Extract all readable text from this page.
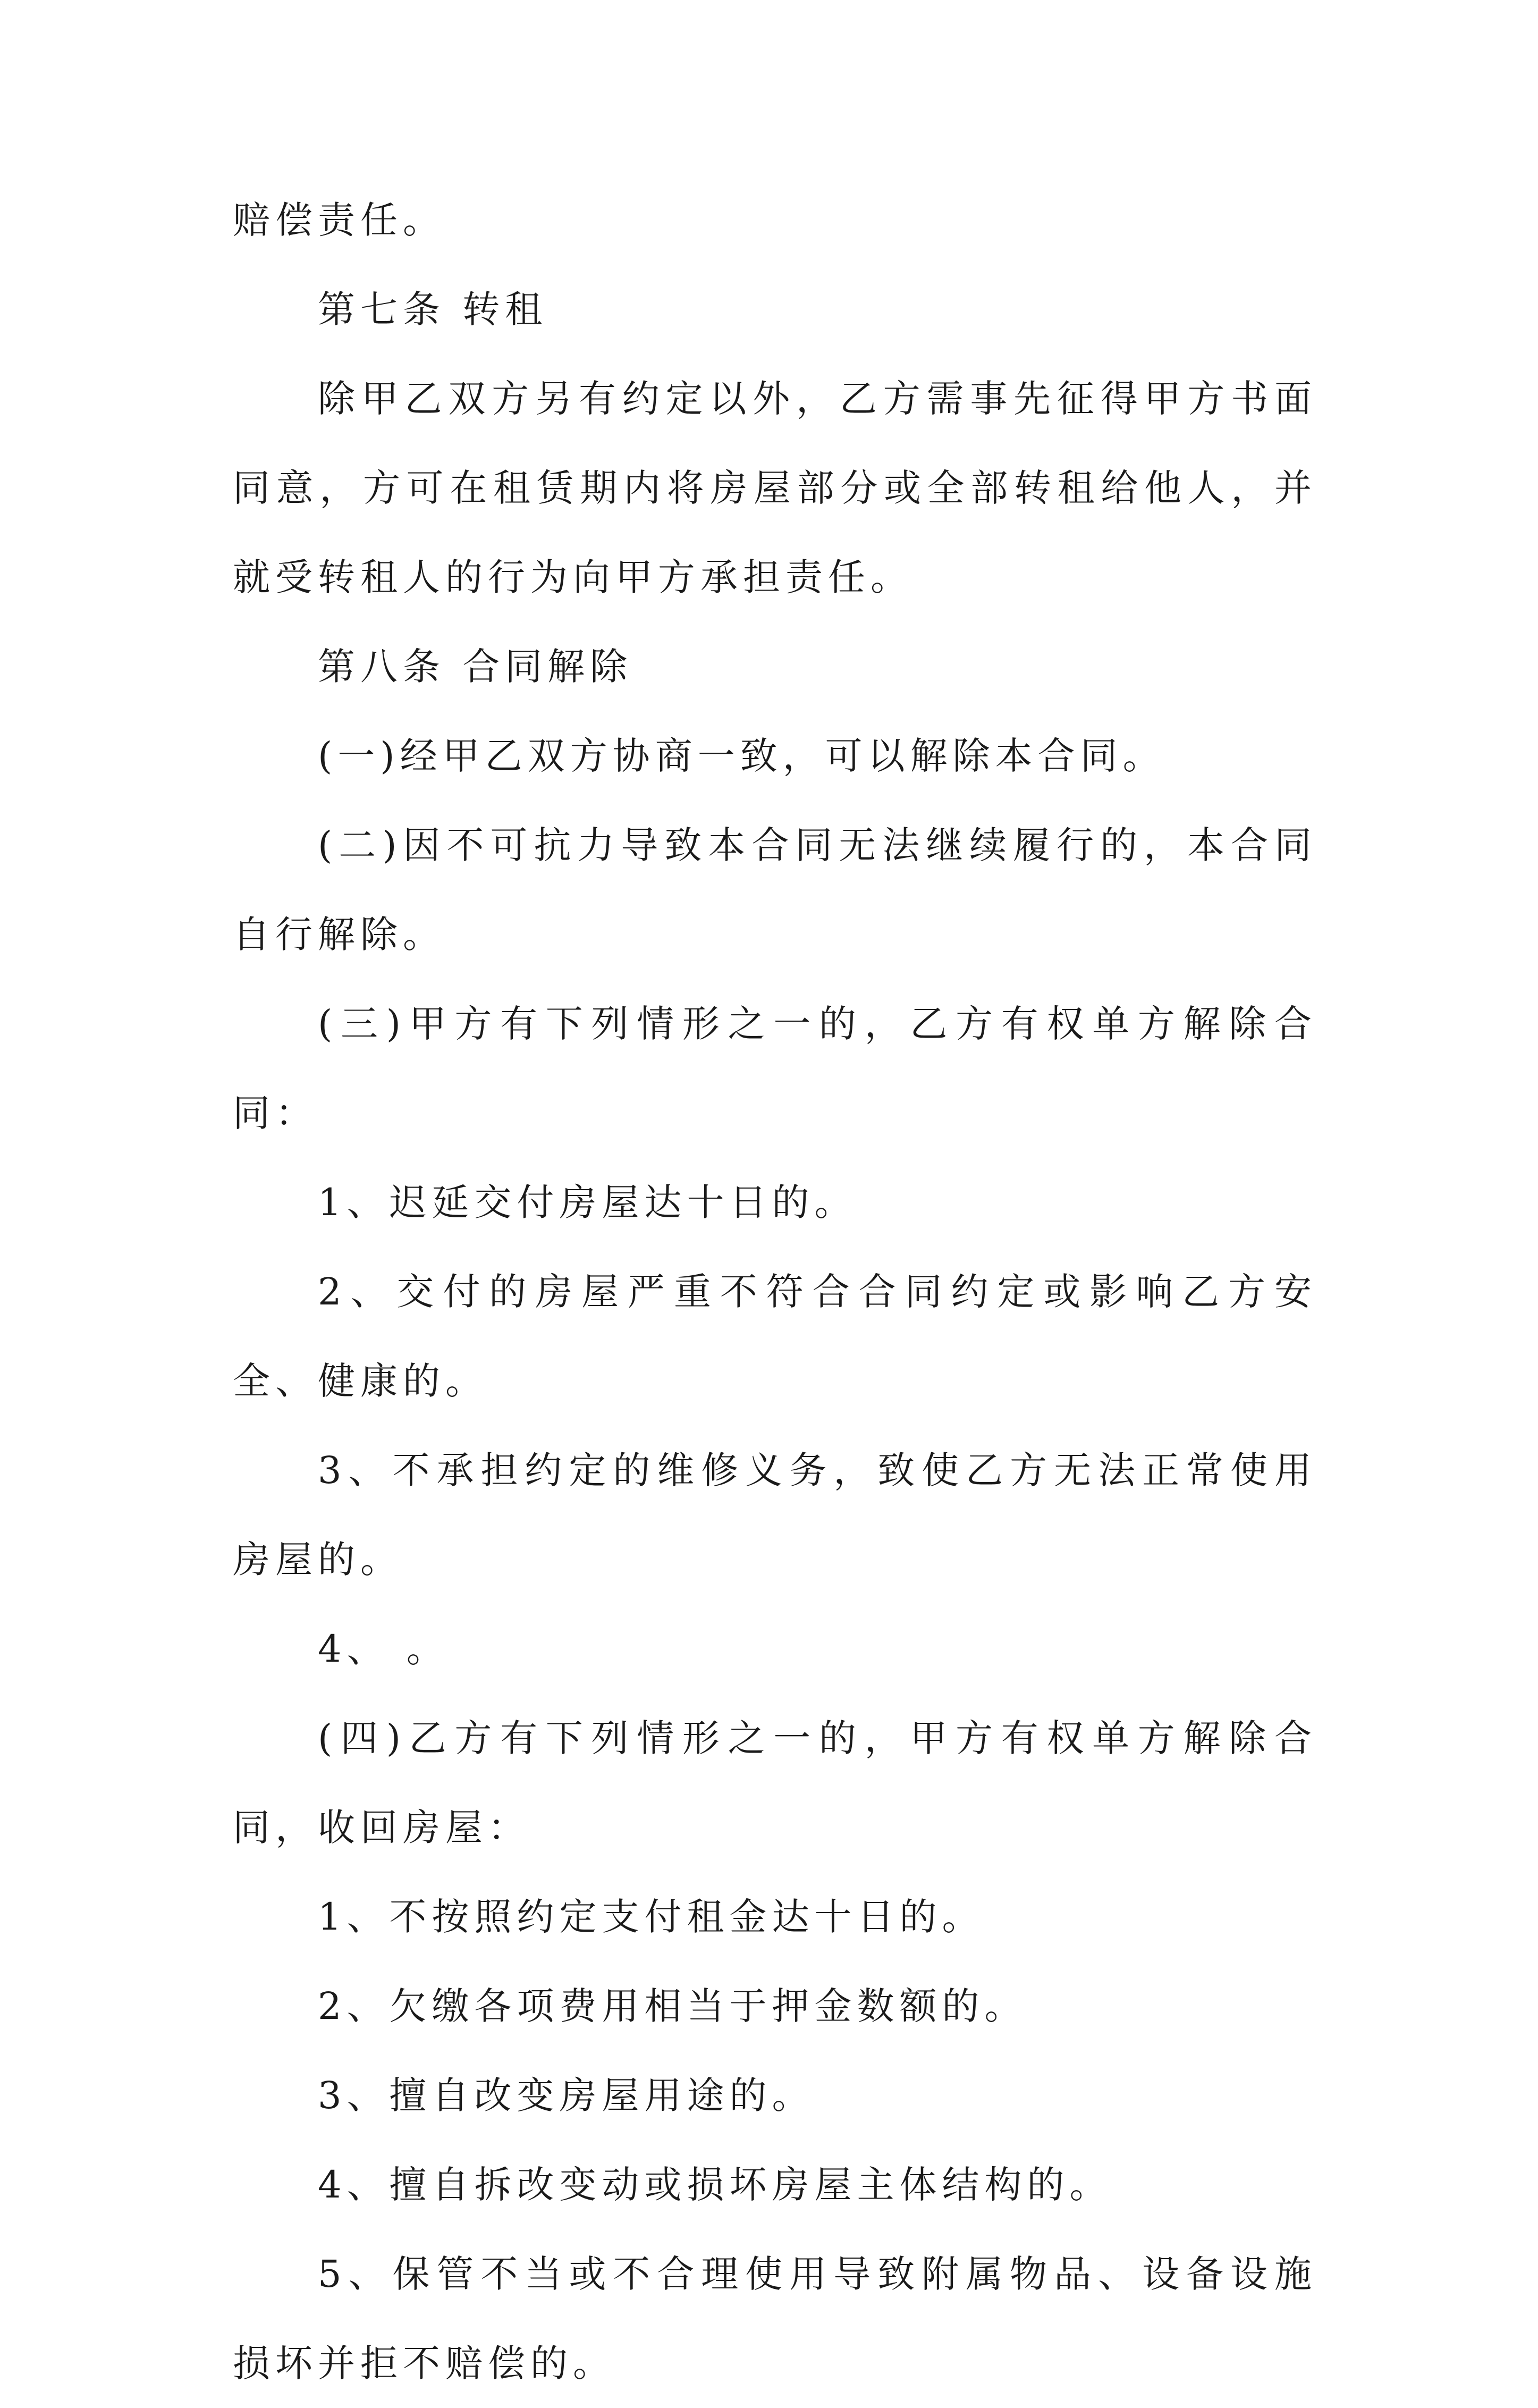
赔偿责任。

第七条 转租

除甲乙双方另有约定以外，乙方需事先征得甲方书面同意，方可在租赁期内将房屋部分或全部转租给他人，并就受转租人的行为向甲方承担责任。

第八条 合同解除

(一)经甲乙双方协商一致，可以解除本合同。

(二)因不可抗力导致本合同无法继续履行的，本合同自行解除。

(三)甲方有下列情形之一的，乙方有权单方解除合同：

1、迟延交付房屋达十日的。

2、交付的房屋严重不符合合同约定或影响乙方安全、健康的。

3、不承担约定的维修义务，致使乙方无法正常使用房屋的。

4、 。

(四)乙方有下列情形之一的，甲方有权单方解除合同，收回房屋：

1、不按照约定支付租金达十日的。

2、欠缴各项费用相当于押金数额的。

3、擅自改变房屋用途的。

4、擅自拆改变动或损坏房屋主体结构的。

5、保管不当或不合理使用导致附属物品、设备设施损坏并拒不赔偿的。
